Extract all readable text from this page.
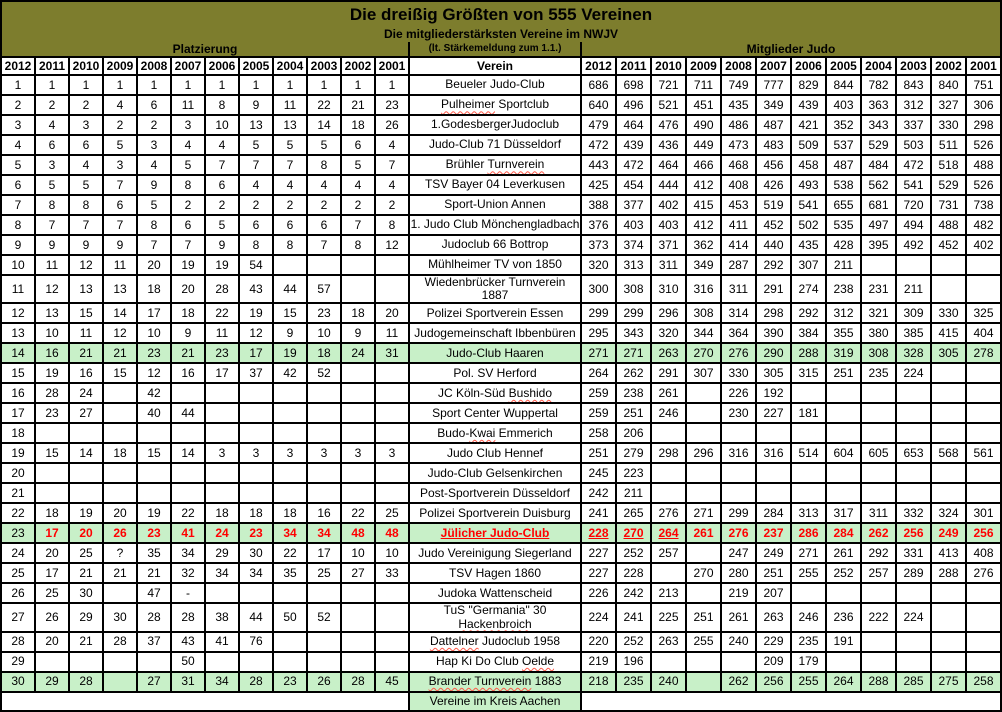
Die dreißig Größten von 555 Vereinen																								
Die mitgliederstärksten Vereine im NWJV																								
Platzierung												(lt. Stärkemeldung zum 1.1.)	Mitglieder Judo											
2012	2011	2010	2009	2008	2007	2006	2005	2004	2003	2002	2001	Verein	2012	2011	2010	2009	2008	2007	2006	2005	2004	2003	2002	2001
1	1	1	1	1	1	1	1	1	1	1	1	Beueler Judo-Club	686	698	721	711	749	777	829	844	782	843	840	751
2	2	2	4	6	11	8	9	11	22	21	23	Pulheimer Sportclub	640	496	521	451	435	349	439	403	363	312	327	306
3	4	3	2	2	3	10	13	13	14	18	26	1.GodesbergerJudoclub	479	464	476	490	486	487	421	352	343	337	330	298
4	6	6	5	3	4	4	5	5	5	6	4	Judo-Club 71 Düsseldorf	472	439	436	449	473	483	509	537	529	503	511	526
5	3	4	3	4	5	7	7	7	8	5	7	Brühler Turnverein	443	472	464	466	468	456	458	487	484	472	518	488
6	5	5	7	9	8	6	4	4	4	4	4	TSV Bayer 04 Leverkusen	425	454	444	412	408	426	493	538	562	541	529	526
7	8	8	6	5	2	2	2	2	2	2	2	Sport-Union Annen	388	377	402	415	453	519	541	655	681	720	731	738
8	7	7	7	8	6	5	6	6	6	7	8	1. Judo Club Mönchengladbach	376	403	403	412	411	452	502	535	497	494	488	482
9	9	9	9	7	7	9	8	8	7	8	12	Judoclub 66 Bottrop	373	374	371	362	414	440	435	428	395	492	452	402
10	11	12	11	20	19	19	54					Mühlheimer TV von 1850	320	313	311	349	287	292	307	211				
11	12	13	13	18	20	28	43	44	57			Wiedenbrücker Turnverein 1887	300	308	310	316	311	291	274	238	231	211		
12	13	15	14	17	18	22	19	15	23	18	20	Polizei Sportverein Essen	299	299	296	308	314	298	292	312	321	309	330	325
13	10	11	12	10	9	11	12	9	10	9	11	Judogemeinschaft Ibbenbüren	295	343	320	344	364	390	384	355	380	385	415	404
14	16	21	21	23	21	23	17	19	18	24	31	Judo-Club Haaren	271	271	263	270	276	290	288	319	308	328	305	278
15	19	16	15	12	16	17	37	42	52			Pol. SV Herford	264	262	291	307	330	305	315	251	235	224		
16	28	24		42								JC Köln-Süd Bushido	259	238	261		226	192						
17	23	27		40	44							Sport Center Wuppertal	259	251	246		230	227	181					
18												Budo-Kwai Emmerich	258	206										
19	15	14	18	15	14	3	3	3	3	3	3	Judo Club Hennef	251	279	298	296	316	316	514	604	605	653	568	561
20												Judo-Club Gelsenkirchen	245	223										
21												Post-Sportverein Düsseldorf	242	211										
22	18	19	20	19	22	18	18	18	16	22	25	Polizei Sportverein Duisburg	241	265	276	271	299	284	313	317	311	332	324	301
23	17	20	26	23	41	24	23	34	34	48	48	Jülicher Judo-Club	228	270	264	261	276	237	286	284	262	256	249	256
24	20	25	?	35	34	29	30	22	17	10	10	Judo Vereinigung Siegerland	227	252	257		247	249	271	261	292	331	413	408
25	17	21	21	21	32	34	34	35	25	27	33	TSV Hagen 1860	227	228		270	280	251	255	252	257	289	288	276
26	25	30		47	-							Judoka Wattenscheid	226	242	213		219	207						
27	26	29	30	28	28	38	44	50	52			TuS "Germania" 30 Hackenbroich	224	241	225	251	261	263	246	236	222	224		
28	20	21	28	37	43	41	76					Dattelner Judoclub 1958	220	252	263	255	240	229	235	191				
29					50							Hap Ki Do Club Oelde	219	196				209	179					
30	29	28		27	31	34	28	23	26	28	45	Brander Turnverein 1883	218	235	240		262	256	255	264	288	285	275	258
												Vereine im Kreis Aachen												
